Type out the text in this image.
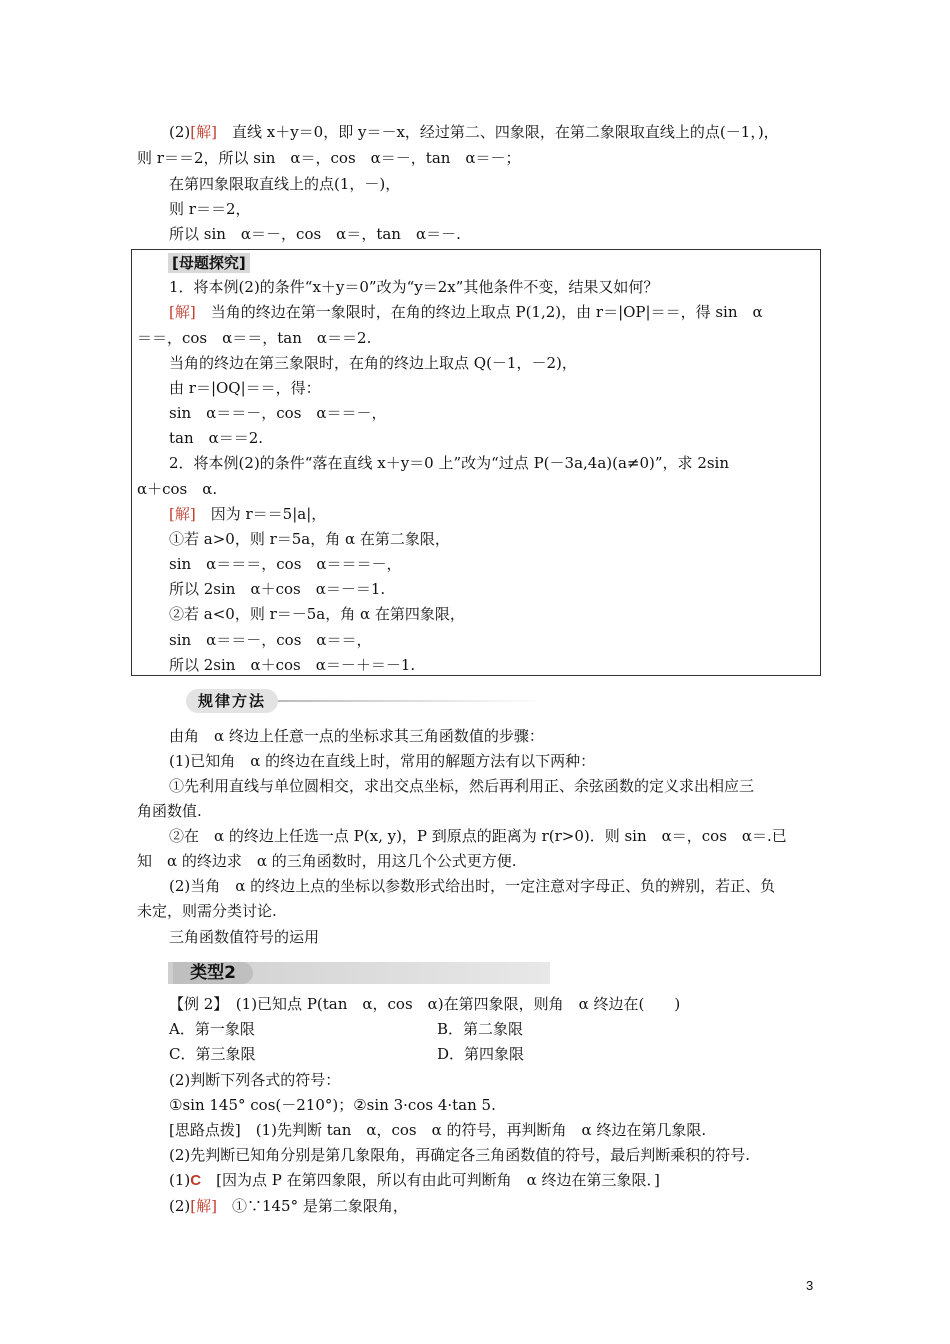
(2)[解]　直线 x＋y＝0，即 y＝－x，经过第二、四象限，在第二象限取直线上的点(－1，)，
则 r＝＝2，所以 sin　α＝，cos　α＝－，tan　α＝－；
在第四象限取直线上的点(1，－)，
则 r＝＝2，
所以 sin　α＝－，cos　α＝，tan　α＝－.
[母题探究]
1．将本例(2)的条件“x＋y＝0”改为“y＝2x”其他条件不变，结果又如何？
[解]　当角的终边在第一象限时，在角的终边上取点 P(1,2)，由 r＝|OP|＝＝，得 sin　α
＝＝，cos　α＝＝，tan　α＝＝2.
当角的终边在第三象限时，在角的终边上取点 Q(－1，－2)，
由 r＝|OQ|＝＝，得：
sin　α＝＝－，cos　α＝＝－，
tan　α＝＝2.
2．将本例(2)的条件“落在直线 x＋y＝0 上”改为“过点 P(－3a,4a)(a≠0)”，求 2sin
α＋cos　α.
[解]　因为 r＝＝5|a|，
①若 a>0，则 r＝5a，角 α 在第二象限，
sin　α＝＝＝，cos　α＝＝＝－，
所以 2sin　α＋cos　α＝－＝1.
②若 a<0，则 r＝－5a，角 α 在第四象限，
sin　α＝＝－，cos　α＝＝，
所以 2sin　α＋cos　α＝－＋＝－1.
规律方法
由角　α 终边上任意一点的坐标求其三角函数值的步骤：
(1)已知角　α 的终边在直线上时，常用的解题方法有以下两种：
①先利用直线与单位圆相交，求出交点坐标，然后再利用正、余弦函数的定义求出相应三
角函数值.
②在　α 的终边上任选一点 P(x, y)，P 到原点的距离为 r(r>0)．则 sin　α＝，cos　α＝.已
知　α 的终边求　α 的三角函数时，用这几个公式更方便.
(2)当角　α 的终边上点的坐标以参数形式给出时，一定注意对字母正、负的辨别，若正、负
未定，则需分类讨论.
三角函数值符号的运用
类型2
【例 2】　(1)已知点 P(tan　α，cos　α)在第四象限，则角　α 终边在(　　)
A．第一象限	B．第二象限
C．第三象限	D．第四象限
(2)判断下列各式的符号：
①sin 145° cos(－210°)；②sin 3·cos 4·tan 5.
[思路点拨]　(1)先判断 tan　α，cos　α 的符号，再判断角　α 终边在第几象限.
(2)先判断已知角分别是第几象限角，再确定各三角函数值的符号，最后判断乘积的符号.
(1)C　[因为点 P 在第四象限，所以有由此可判断角　α 终边在第三象限．]
(2)[解]　①∵145° 是第二象限角，
3
